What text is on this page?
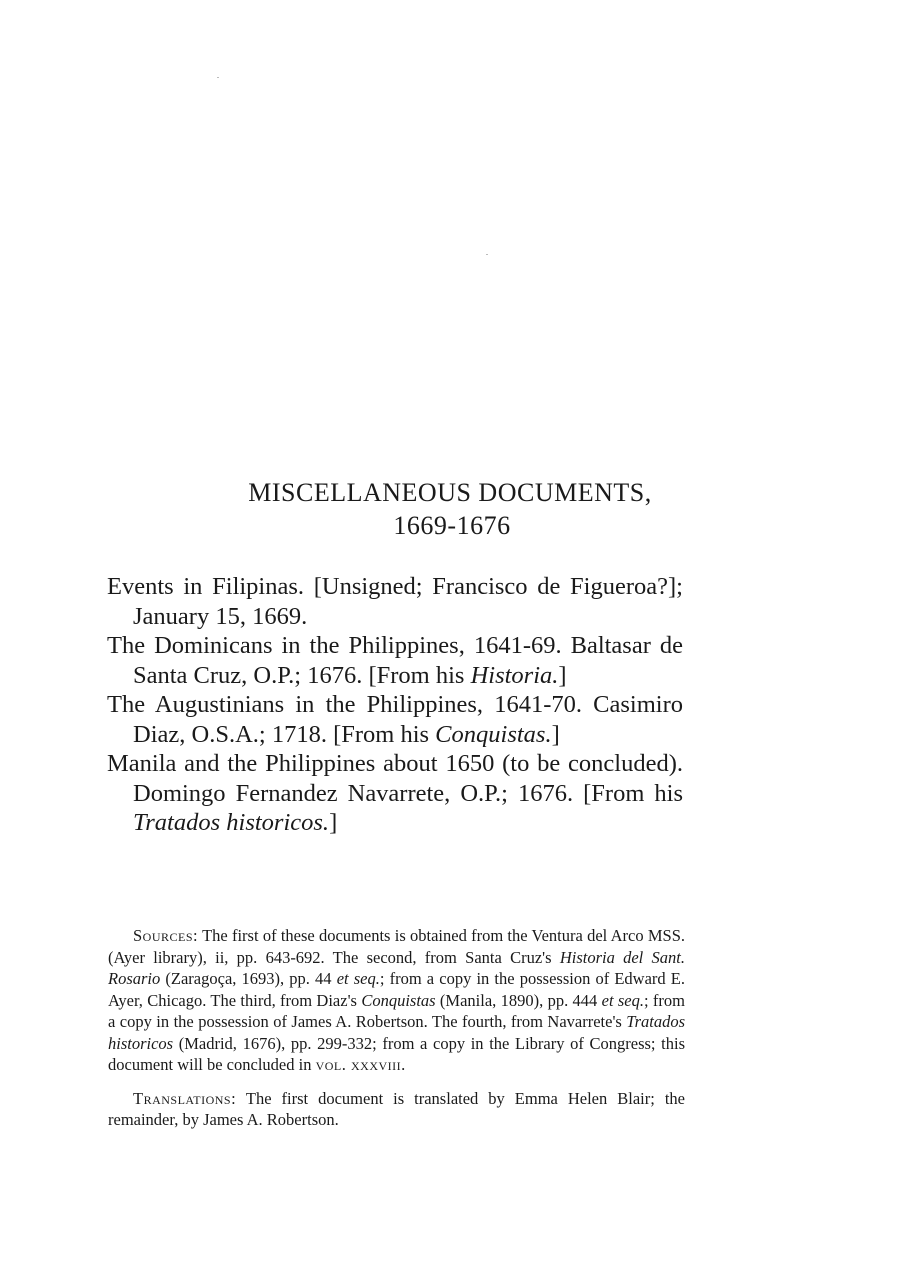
MISCELLANEOUS DOCUMENTS,
1669-1676

Events in Filipinas. [Unsigned; Francisco de Figueroa?]; January 15, 1669.

The Dominicans in the Philippines, 1641-69. Baltasar de Santa Cruz, O.P.; 1676. [From his Historia.]

The Augustinians in the Philippines, 1641-70. Casimiro Diaz, O.S.A.; 1718. [From his Conquistas.]

Manila and the Philippines about 1650 (to be concluded). Domingo Fernandez Navarrete, O.P.; 1676. [From his Tratados historicos.]

Sources: The first of these documents is obtained from the Ventura del Arco MSS. (Ayer library), ii, pp. 643-692. The second, from Santa Cruz's Historia del Sant. Rosario (Zaragoça, 1693), pp. 44 et seq.; from a copy in the possession of Edward E. Ayer, Chicago. The third, from Diaz's Conquistas (Manila, 1890), pp. 444 et seq.; from a copy in the possession of James A. Robertson. The fourth, from Navarrete's Tratados historicos (Madrid, 1676), pp. 299-332; from a copy in the Library of Congress; this document will be concluded in vol. xxxviii.

Translations: The first document is translated by Emma Helen Blair; the remainder, by James A. Robertson.
